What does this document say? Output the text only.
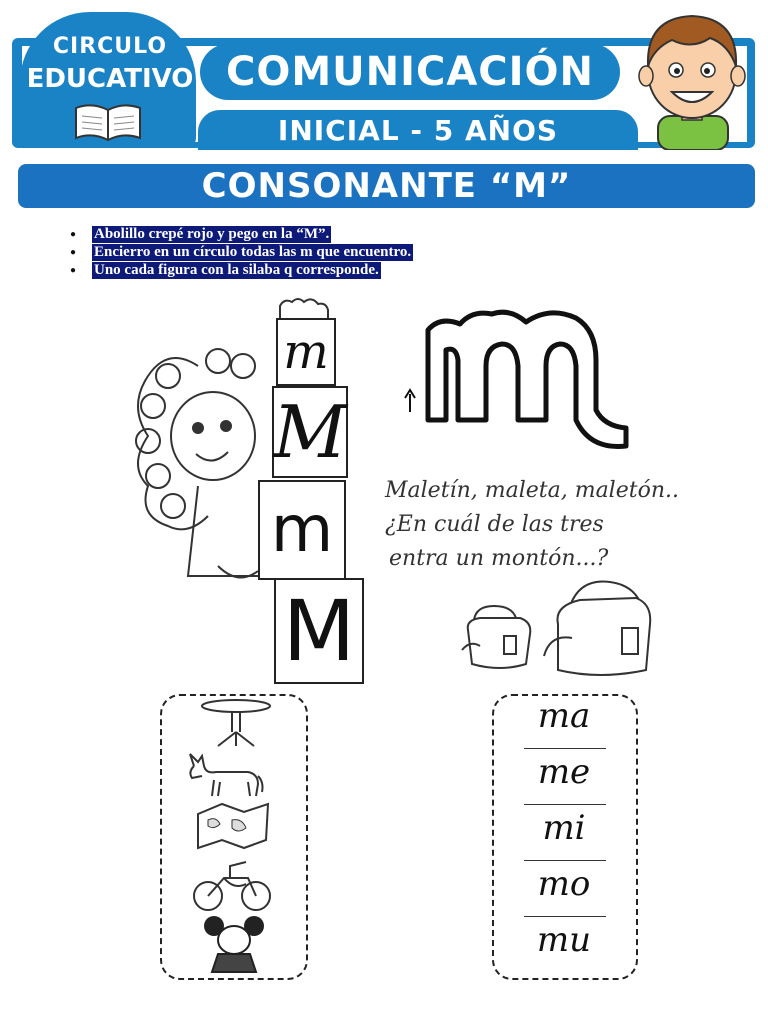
CIRCULO
EDUCATIVO COMUNICACIÓN
INICIAL - 5 AÑOS
CONSONANTE “M”
●	Abolillo crepé rojo y pego en la “M”.
●	Encierro en un círculo todas las m que encuentro.
●	Uno cada figura con la silaba q corresponde.
m
M
m
M
Maletín, maleta, maletón..
¿En cuál de las tres
entra un montón...?
ma
me
mi
mo
mu
